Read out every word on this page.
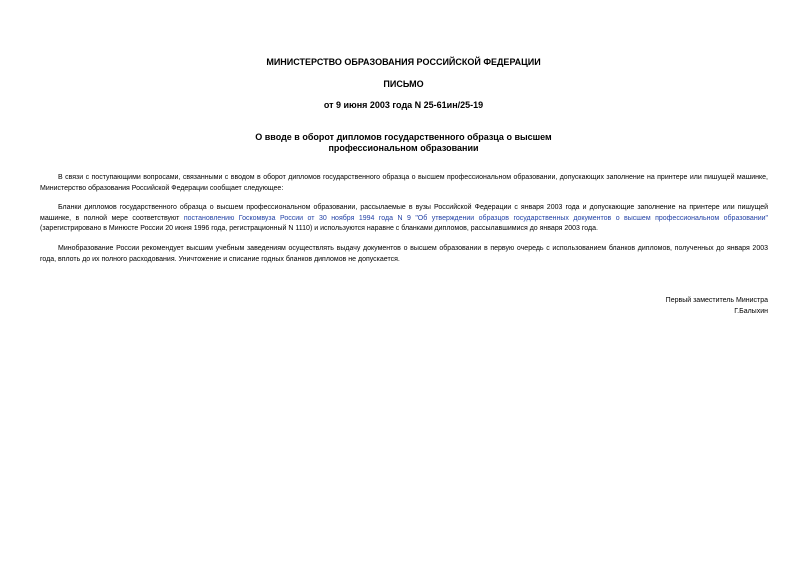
МИНИСТЕРСТВО ОБРАЗОВАНИЯ РОССИЙСКОЙ ФЕДЕРАЦИИ

ПИСЬМО

от 9 июня 2003 года N 25-61ин/25-19

О вводе в оборот дипломов государственного образца о высшем профессиональном образовании

В связи с поступающими вопросами, связанными с вводом в оборот дипломов государственного образца о высшем профессиональном образовании, допускающих заполнение на принтере или пишущей машинке, Министерство образования Российской Федерации сообщает следующее:

Бланки дипломов государственного образца о высшем профессиональном образовании, рассылаемые в вузы Российской Федерации с января 2003 года и допускающие заполнение на принтере или пишущей машинке, в полной мере соответствуют постановлению Госкомвуза России от 30 ноября 1994 года N 9 "Об утверждении образцов государственных документов о высшем профессиональном образовании" (зарегистрировано в Минюсте России 20 июня 1996 года, регистрационный N 1110) и используются наравне с бланками дипломов, рассылавшимися до января 2003 года.

Минобразование России рекомендует высшим учебным заведениям осуществлять выдачу документов о высшем образовании в первую очередь с использованием бланков дипломов, полученных до января 2003 года, вплоть до их полного расходования. Уничтожение и списание годных бланков дипломов не допускается.

Первый заместитель Министра
Г.Балыхин
